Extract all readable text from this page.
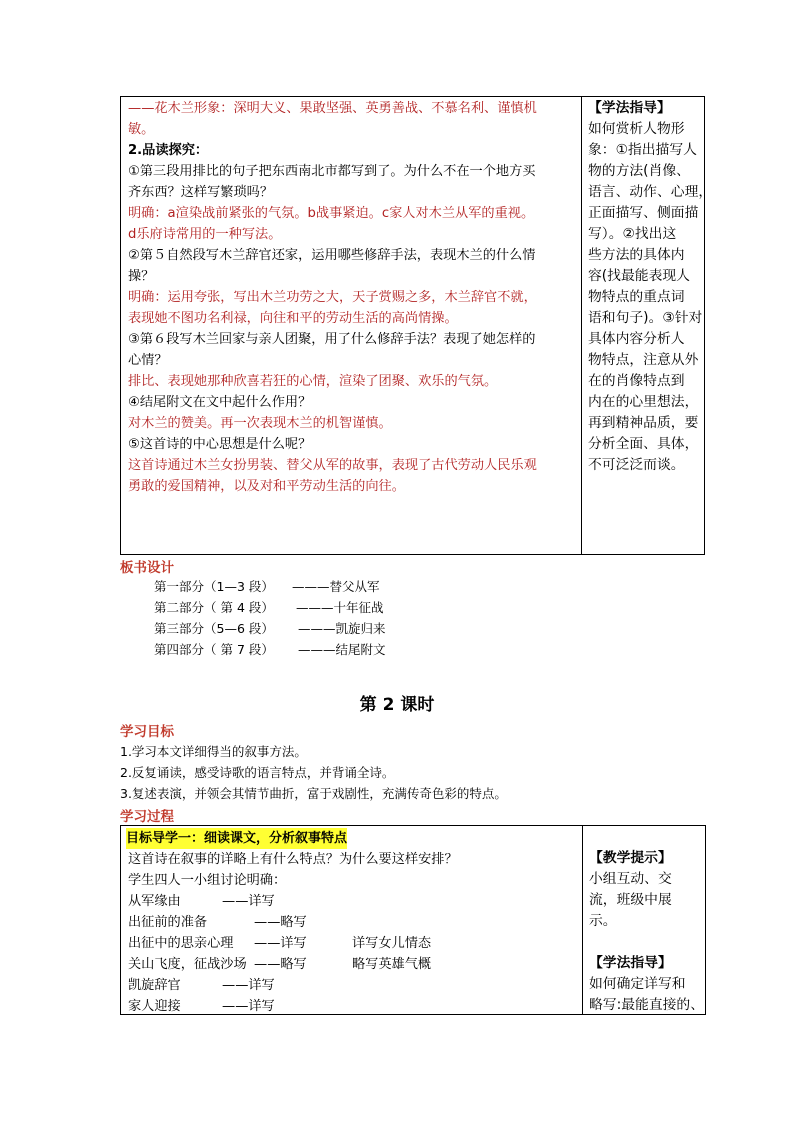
——花木兰形象：深明大义、果敢坚强、英勇善战、不慕名利、谨慎机
敏。
2.品读探究：
①第三段用排比的句子把东西南北市都写到了。为什么不在一个地方买
齐东西？这样写繁琐吗？
明确：a渲染战前紧张的气氛。b战事紧迫。c家人对木兰从军的重视。
d乐府诗常用的一种写法。
②第５自然段写木兰辞官还家，运用哪些修辞手法，表现木兰的什么情
操？
明确：运用夸张，写出木兰功劳之大，天子赏赐之多，木兰辞官不就，
表现她不图功名利禄，向往和平的劳动生活的高尚情操。
③第６段写木兰回家与亲人团聚，用了什么修辞手法？表现了她怎样的
心情？
排比、表现她那种欣喜若狂的心情，渲染了团聚、欢乐的气氛。
④结尾附文在文中起什么作用？
对木兰的赞美。再一次表现木兰的机智谨慎。
⑤这首诗的中心思想是什么呢？
这首诗通过木兰女扮男装、替父从军的故事，表现了古代劳动人民乐观
勇敢的爱国精神，以及对和平劳动生活的向往。
【学法指导】
如何赏析人物形
象：①指出描写人
物的方法(肖像、
语言、动作、心理，
正面描写、侧面描
写）。②找出这
些方法的具体内
容(找最能表现人
物特点的重点词
语和句子)。③针对
具体内容分析人
物特点，注意从外
在的肖像特点到
内在的心里想法，
再到精神品质，要
分析全面、具体，
不可泛泛而谈。
板书设计
第一部分（1—3 段） ———替父从军
第二部分（ 第 4 段） ———十年征战
第三部分（5—6 段） ———凯旋归来
第四部分（ 第 7 段） ———结尾附文
第 2 课时
学习目标
1.学习本文详细得当的叙事方法。
2.反复诵读，感受诗歌的语言特点，并背诵全诗。
3.复述表演，并领会其情节曲折，富于戏剧性，充满传奇色彩的特点。
学习过程
目标导学一：细读课文，分析叙事特点
这首诗在叙事的详略上有什么特点？为什么要这样安排？
学生四人一小组讨论明确：
从军缘由	——详写
出征前的准备	——略写
出征中的思亲心理 ——详写	详写女儿情态
关山飞度，征战沙场 ——略写	略写英雄气概
凯旋辞官	——详写
家人迎接	——详写
【教学提示】
小组互动、交
流，班级中展
示。
【学法指导】
如何确定详写和
略写:最能直接的、
